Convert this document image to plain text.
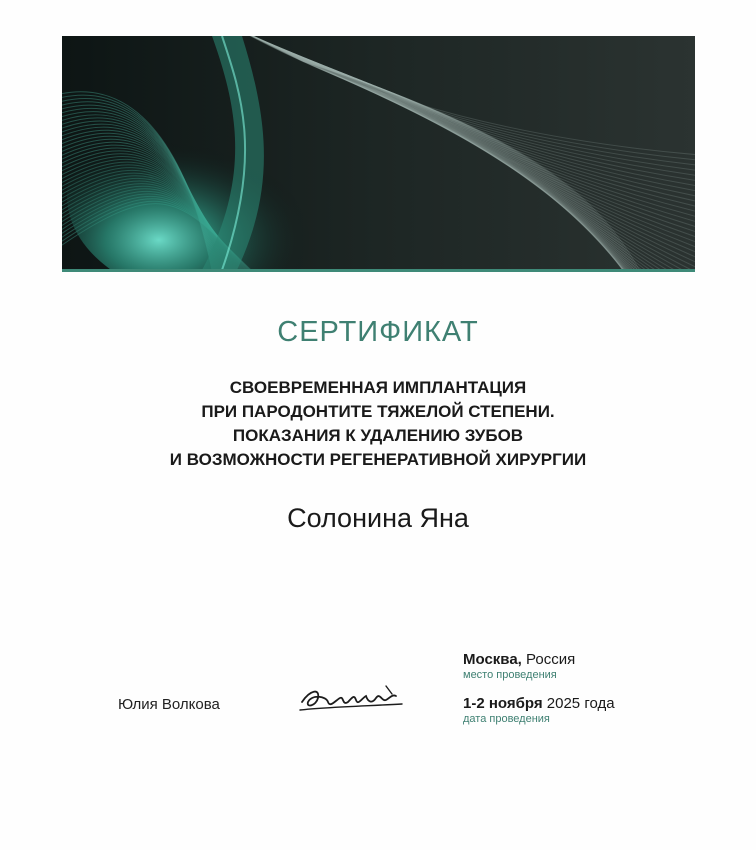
СЕРТИФИКАТ
СВОЕВРЕМЕННАЯ ИМПЛАНТАЦИЯ
ПРИ ПАРОДОНТИТЕ ТЯЖЕЛОЙ СТЕПЕНИ.
ПОКАЗАНИЯ К УДАЛЕНИЮ ЗУБОВ
И ВОЗМОЖНОСТИ РЕГЕНЕРАТИВНОЙ ХИРУРГИИ
Солонина Яна
Юлия Волкова
Москва, Россия
место проведения
1-2 ноября 2025 года
дата проведения
